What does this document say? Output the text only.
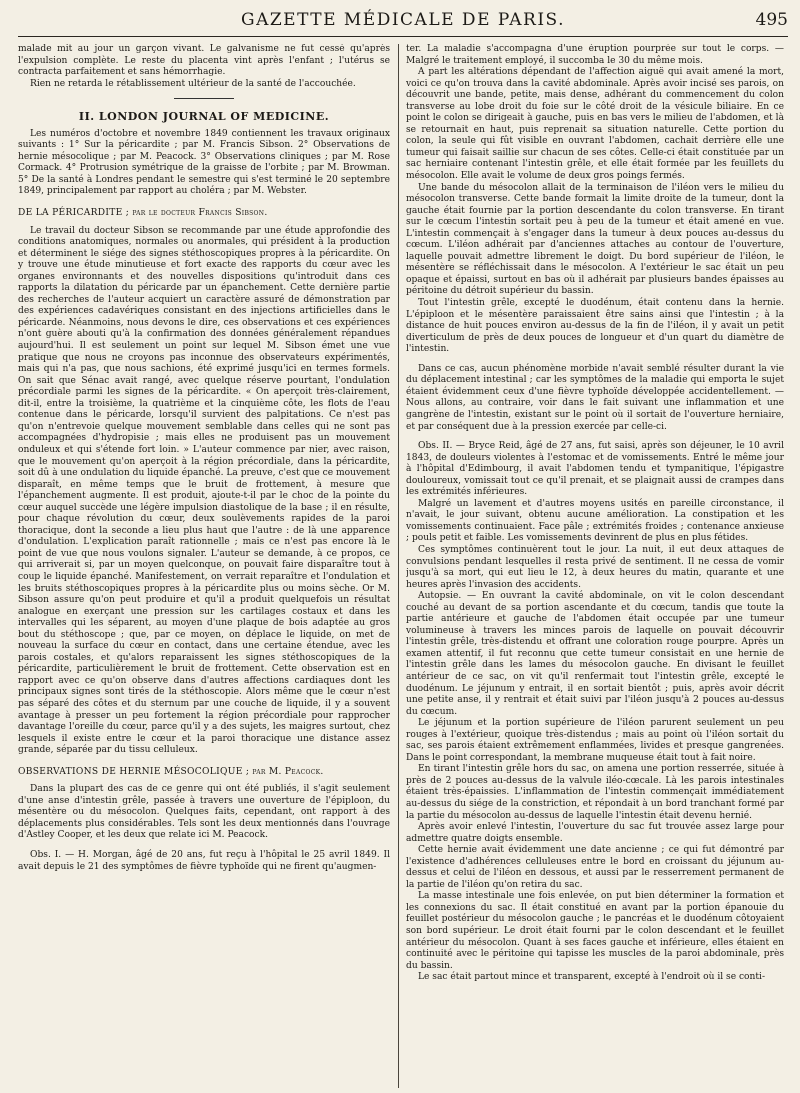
GAZETTE MÉDICALE DE PARIS.	495

malade mit au jour un garçon vivant. Le galvanisme ne fut cessé qu'après l'expulsion complète. Le reste du placenta vint après l'enfant ; l'utérus se contracta parfaitement et sans hémorrhagie.

Rien ne retarda le rétablissement ultérieur de la santé de l'accouchée.

II. LONDON JOURNAL OF MEDICINE.

Les numéros d'octobre et novembre 1849 contiennent les travaux originaux suivants : 1° Sur la péricardite ; par M. Francis Sibson. 2° Observations de hernie mésocolique ; par M. Peacock. 3° Observations cliniques ; par M. Rose Cormack. 4° Protrusion symétrique de la graisse de l'orbite ; par M. Browman. 5° De la santé à Londres pendant le semestre qui s'est terminé le 20 septembre 1849, principalement par rapport au choléra ; par M. Webster.

DE LA PÉRICARDITE ; par le docteur Francis Sibson.

Le travail du docteur Sibson se recommande par une étude approfondie des conditions anatomiques, normales ou anormales, qui président à la production et déterminent le siége des signes stéthoscopiques propres à la péricardite. On y trouve une étude minutieuse et fort exacte des rapports du cœur avec les organes environnants et des nouvelles dispositions qu'introduit dans ces rapports la dilatation du péricarde par un épanchement. Cette dernière partie des recherches de l'auteur acquiert un caractère assuré de démonstration par des expériences cadavériques consistant en des injections artificielles dans le péricarde. Néanmoins, nous devons le dire, ces observations et ces expériences n'ont guère abouti qu'à la confirmation des données généralement répandues aujourd'hui. Il est seulement un point sur lequel M. Sibson émet une vue pratique que nous ne croyons pas inconnue des observateurs expérimentés, mais qui n'a pas, que nous sachions, été exprimé jusqu'ici en termes formels. On sait que Sénac avait rangé, avec quelque réserve pourtant, l'ondulation précordiale parmi les signes de la péricardite. « On aperçoit très-clairement, dit-il, entre la troisième, la quatrième et la cinquième côte, les flots de l'eau contenue dans le péricarde, lorsqu'il survient des palpitations. Ce n'est pas qu'on n'entrevoie quelque mouvement semblable dans celles qui ne sont pas accompagnées d'hydropisie ; mais elles ne produisent pas un mouvement onduleux et qui s'étende fort loin. » L'auteur commence par nier, avec raison, que le mouvement qu'on aperçoit à la région précordiale, dans la péricardite, soit dû à une ondulation du liquide épanché. La preuve, c'est que ce mouvement disparaît, en même temps que le bruit de frottement, à mesure que l'épanchement augmente. Il est produit, ajoute-t-il par le choc de la pointe du cœur auquel succède une légère impulsion diastolique de la base ; il en résulte, pour chaque révolution du cœur, deux soulèvements rapides de la paroi thoracique, dont la seconde a lieu plus haut que l'autre : de là une apparence d'ondulation. L'explication paraît rationnelle ; mais ce n'est pas encore là le point de vue que nous voulons signaler. L'auteur se demande, à ce propos, ce qui arriverait si, par un moyen quelconque, on pouvait faire disparaître tout à coup le liquide épanché. Manifestement, on verrait reparaître et l'ondulation et les bruits stéthoscopiques propres à la péricardite plus ou moins sèche. Or M. Sibson assure qu'on peut produire et qu'il a produit quelquefois un résultat analogue en exerçant une pression sur les cartilages costaux et dans les intervalles qui les séparent, au moyen d'une plaque de bois adaptée au gros bout du stéthoscope ; que, par ce moyen, on déplace le liquide, on met de nouveau la surface du cœur en contact, dans une certaine étendue, avec les parois costales, et qu'alors reparaissent les signes stéthoscopiques de la péricardite, particulièrement le bruit de frottement. Cette observation est en rapport avec ce qu'on observe dans d'autres affections cardiaques dont les principaux signes sont tirés de la stéthoscopie. Alors même que le cœur n'est pas séparé des côtes et du sternum par une couche de liquide, il y a souvent avantage à presser un peu fortement la région précordiale pour rapprocher davantage l'oreille du cœur, parce qu'il y a des sujets, les maigres surtout, chez lesquels il existe entre le cœur et la paroi thoracique une distance assez grande, séparée par du tissu celluleux.

OBSERVATIONS DE HERNIE MÉSOCOLIQUE ; par M. Peacock.

Dans la plupart des cas de ce genre qui ont été publiés, il s'agit seulement d'une anse d'intestin grêle, passée à travers une ouverture de l'épiploon, du mésentère ou du mésocolon. Quelques faits, cependant, ont rapport à des déplacements plus considérables. Tels sont les deux mentionnés dans l'ouvrage d'Astley Cooper, et les deux que relate ici M. Peacock.

Obs. I. — H. Morgan, âgé de 20 ans, fut reçu à l'hôpital le 25 avril 1849. Il avait depuis le 21 des symptômes de fièvre typhoïde qui ne firent qu'augmen-

ter. La maladie s'accompagna d'une éruption pourprée sur tout le corps. — Malgré le traitement employé, il succomba le 30 du même mois.

A part les altérations dépendant de l'affection aiguë qui avait amené la mort, voici ce qu'on trouva dans la cavité abdominale. Après avoir incisé ses parois, on découvrit une bande, petite, mais dense, adhérant du commencement du colon transverse au lobe droit du foie sur le côté droit de la vésicule biliaire. En ce point le colon se dirigeait à gauche, puis en bas vers le milieu de l'abdomen, et là se retournait en haut, puis reprenait sa situation naturelle. Cette portion du colon, la seule qui fût visible en ouvrant l'abdomen, cachait derrière elle une tumeur qui faisait saillie sur chacun de ses côtes. Celle-ci était constituée par un sac herniaire contenant l'intestin grêle, et elle était formée par les feuillets du mésocolon. Elle avait le volume de deux gros poings fermés.

Une bande du mésocolon allait de la terminaison de l'iléon vers le milieu du mésocolon transverse. Cette bande formait la limite droite de la tumeur, dont la gauche était fournie par la portion descendante du colon transverse. En tirant sur le cœcum l'intestin sortait peu à peu de la tumeur et était amené en vue. L'intestin commençait à s'engager dans la tumeur à deux pouces au-dessus du cœcum. L'iléon adhérait par d'anciennes attaches au contour de l'ouverture, laquelle pouvait admettre librement le doigt. Du bord supérieur de l'iléon, le mésentère se réfléchissait dans le mésocolon. A l'extérieur le sac était un peu opaque et épaissi, surtout en bas où il adhérait par plusieurs bandes épaisses au péritoine du détroit supérieur du bassin.

Tout l'intestin grêle, excepté le duodénum, était contenu dans la hernie. L'épiploon et le mésentère paraissaient être sains ainsi que l'intestin ; à la distance de huit pouces environ au-dessus de la fin de l'iléon, il y avait un petit diverticulum de près de deux pouces de longueur et d'un quart du diamètre de l'intestin.

Dans ce cas, aucun phénomène morbide n'avait semblé résulter durant la vie du déplacement intestinal ; car les symptômes de la maladie qui emporta le sujet étaient évidemment ceux d'une fièvre typhoïde développée accidentellement. — Nous allons, au contraire, voir dans le fait suivant une inflammation et une gangrène de l'intestin, existant sur le point où il sortait de l'ouverture herniaire, et par conséquent due à la pression exercée par celle-ci.

Obs. II. — Bryce Reid, âgé de 27 ans, fut saisi, après son déjeuner, le 10 avril 1843, de douleurs violentes à l'estomac et de vomissements. Entré le même jour à l'hôpital d'Edimbourg, il avait l'abdomen tendu et tympanitique, l'épigastre douloureux, vomissait tout ce qu'il prenait, et se plaignait aussi de crampes dans les extrémités inférieures.

Malgré un lavement et d'autres moyens usités en pareille circonstance, il n'avait, le jour suivant, obtenu aucune amélioration. La constipation et les vomissements continuaient. Face pâle ; extrémités froides ; contenance anxieuse ; pouls petit et faible. Les vomissements devinrent de plus en plus fétides.

Ces symptômes continuèrent tout le jour. La nuit, il eut deux attaques de convulsions pendant lesquelles il resta privé de sentiment. Il ne cessa de vomir jusqu'à sa mort, qui eut lieu le 12, à deux heures du matin, quarante et une heures après l'invasion des accidents.

Autopsie. — En ouvrant la cavité abdominale, on vit le colon descendant couché au devant de sa portion ascendante et du cœcum, tandis que toute la partie antérieure et gauche de l'abdomen était occupée par une tumeur volumineuse à travers les minces parois de laquelle on pouvait découvrir l'intestin grêle, très-distendu et offrant une coloration rouge pourpre. Après un examen attentif, il fut reconnu que cette tumeur consistait en une hernie de l'intestin grêle dans les lames du mésocolon gauche. En divisant le feuillet antérieur de ce sac, on vit qu'il renfermait tout l'intestin grêle, excepté le duodénum. Le jéjunum y entrait, il en sortait bientôt ; puis, après avoir décrit une petite anse, il y rentrait et était suivi par l'iléon jusqu'à 2 pouces au-dessus du cœcum.

Le jéjunum et la portion supérieure de l'iléon parurent seulement un peu rouges à l'extérieur, quoique très-distendus ; mais au point où l'iléon sortait du sac, ses parois étaient extrêmement enflammées, livides et presque gangrenées. Dans le point correspondant, la membrane muqueuse était tout à fait noire.

En tirant l'intestin grêle hors du sac, on amena une portion resserrée, située à près de 2 pouces au-dessus de la valvule iléo-cœcale. Là les parois intestinales étaient très-épaissies. L'inflammation de l'intestin commençait immédiatement au-dessus du siége de la constriction, et répondait à un bord tranchant formé par la partie du mésocolon au-dessus de laquelle l'intestin était devenu hernié.

Après avoir enlevé l'intestin, l'ouverture du sac fut trouvée assez large pour admettre quatre doigts ensemble.

Cette hernie avait évidemment une date ancienne ; ce qui fut démontré par l'existence d'adhérences celluleuses entre le bord en croissant du jéjunum au-dessus et celui de l'iléon en dessous, et aussi par le resserrement permanent de la partie de l'iléon qu'on retira du sac.

La masse intestinale une fois enlevée, on put bien déterminer la formation et les connexions du sac. Il était constitué en avant par la portion épanouie du feuillet postérieur du mésocolon gauche ; le pancréas et le duodénum côtoyaient son bord supérieur. Le droit était fourni par le colon descendant et le feuillet antérieur du mésocolon. Quant à ses faces gauche et inférieure, elles étaient en continuité avec le péritoine qui tapisse les muscles de la paroi abdominale, près du bassin.

Le sac était partout mince et transparent, excepté à l'endroit où il se conti-
